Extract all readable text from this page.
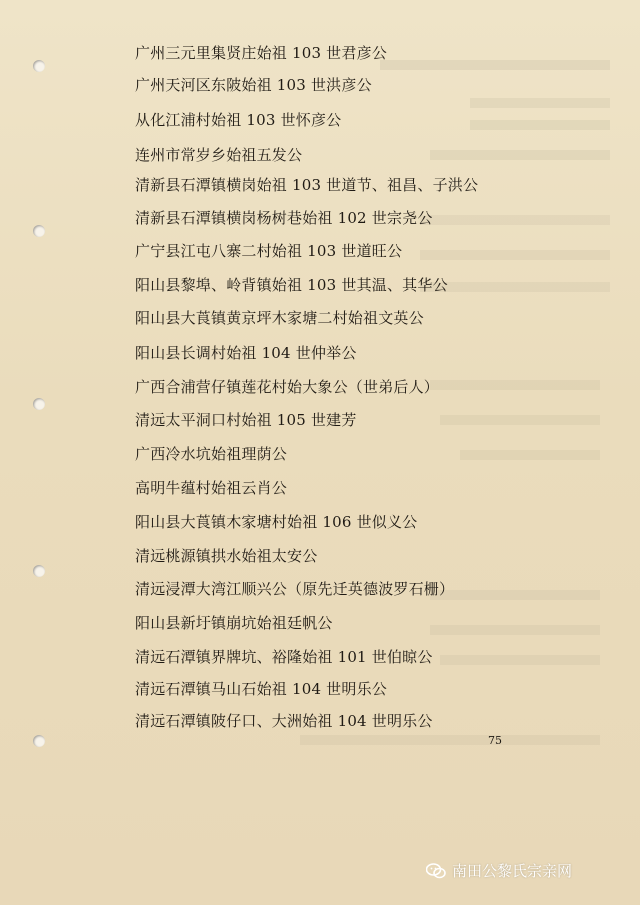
广州三元里集贤庄始祖 103 世君彦公
广州天河区东陂始祖 103 世洪彦公
从化江浦村始祖 103 世怀彦公
连州市常岁乡始祖五发公
清新县石潭镇横岗始祖 103 世道节、祖昌、子洪公
清新县石潭镇横岗杨树巷始祖 102 世宗尧公
广宁县江屯八寨二村始祖 103 世道旺公
阳山县黎埠、岭背镇始祖 103 世其温、其华公
阳山县大莨镇黄京坪木家塘二村始祖文英公
阳山县长调村始祖 104 世仲举公
广西合浦营仔镇莲花村始大象公（世弟后人）
清远太平洞口村始祖 105 世建芳
广西冷水坑始祖理荫公
高明牛蕴村始祖云肖公
阳山县大莨镇木家塘村始祖 106 世似义公
清远桃源镇拱水始祖太安公
清远浸潭大湾江顺兴公（原先迁英德波罗石栅）
阳山县新圩镇崩坑始祖廷帆公
清远石潭镇界牌坑、裕隆始祖 101 世伯晾公
清远石潭镇马山石始祖 104 世明乐公
清远石潭镇陂仔口、大洲始祖 104 世明乐公
75
南田公黎氏宗亲网
